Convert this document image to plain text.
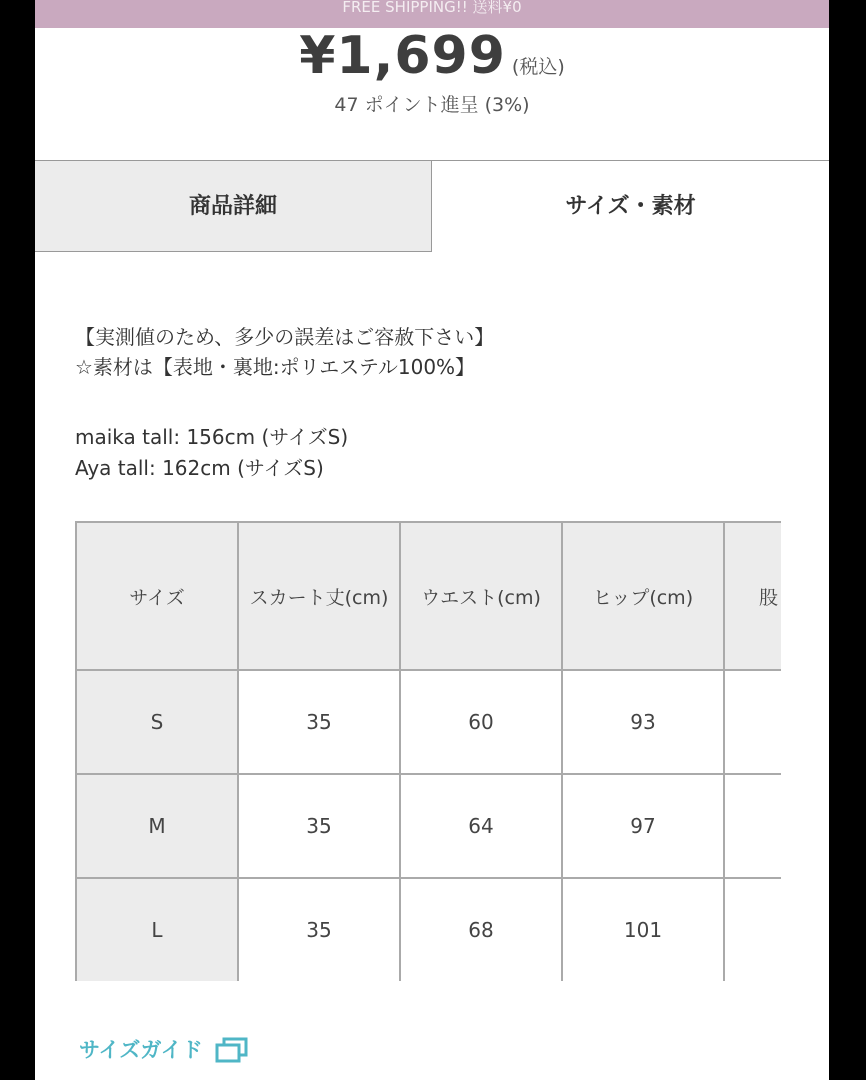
FREE SHIPPING!! 送料¥0
¥1,699 (税込)
47 ポイント進呈 (3%)
商品詳細	サイズ・素材
【実測値のため、多少の誤差はご容赦下さい】
☆素材は【表地・裏地:ポリエステル100%】
maika tall: 156cm (サイズS)
Aya tall: 162cm (サイズS)
サイズ	スカート丈(cm)	ウエスト(cm)	ヒップ(cm)	股
S	35	60	93	
M	35	64	97	
L	35	68	101	
サイズガイド
